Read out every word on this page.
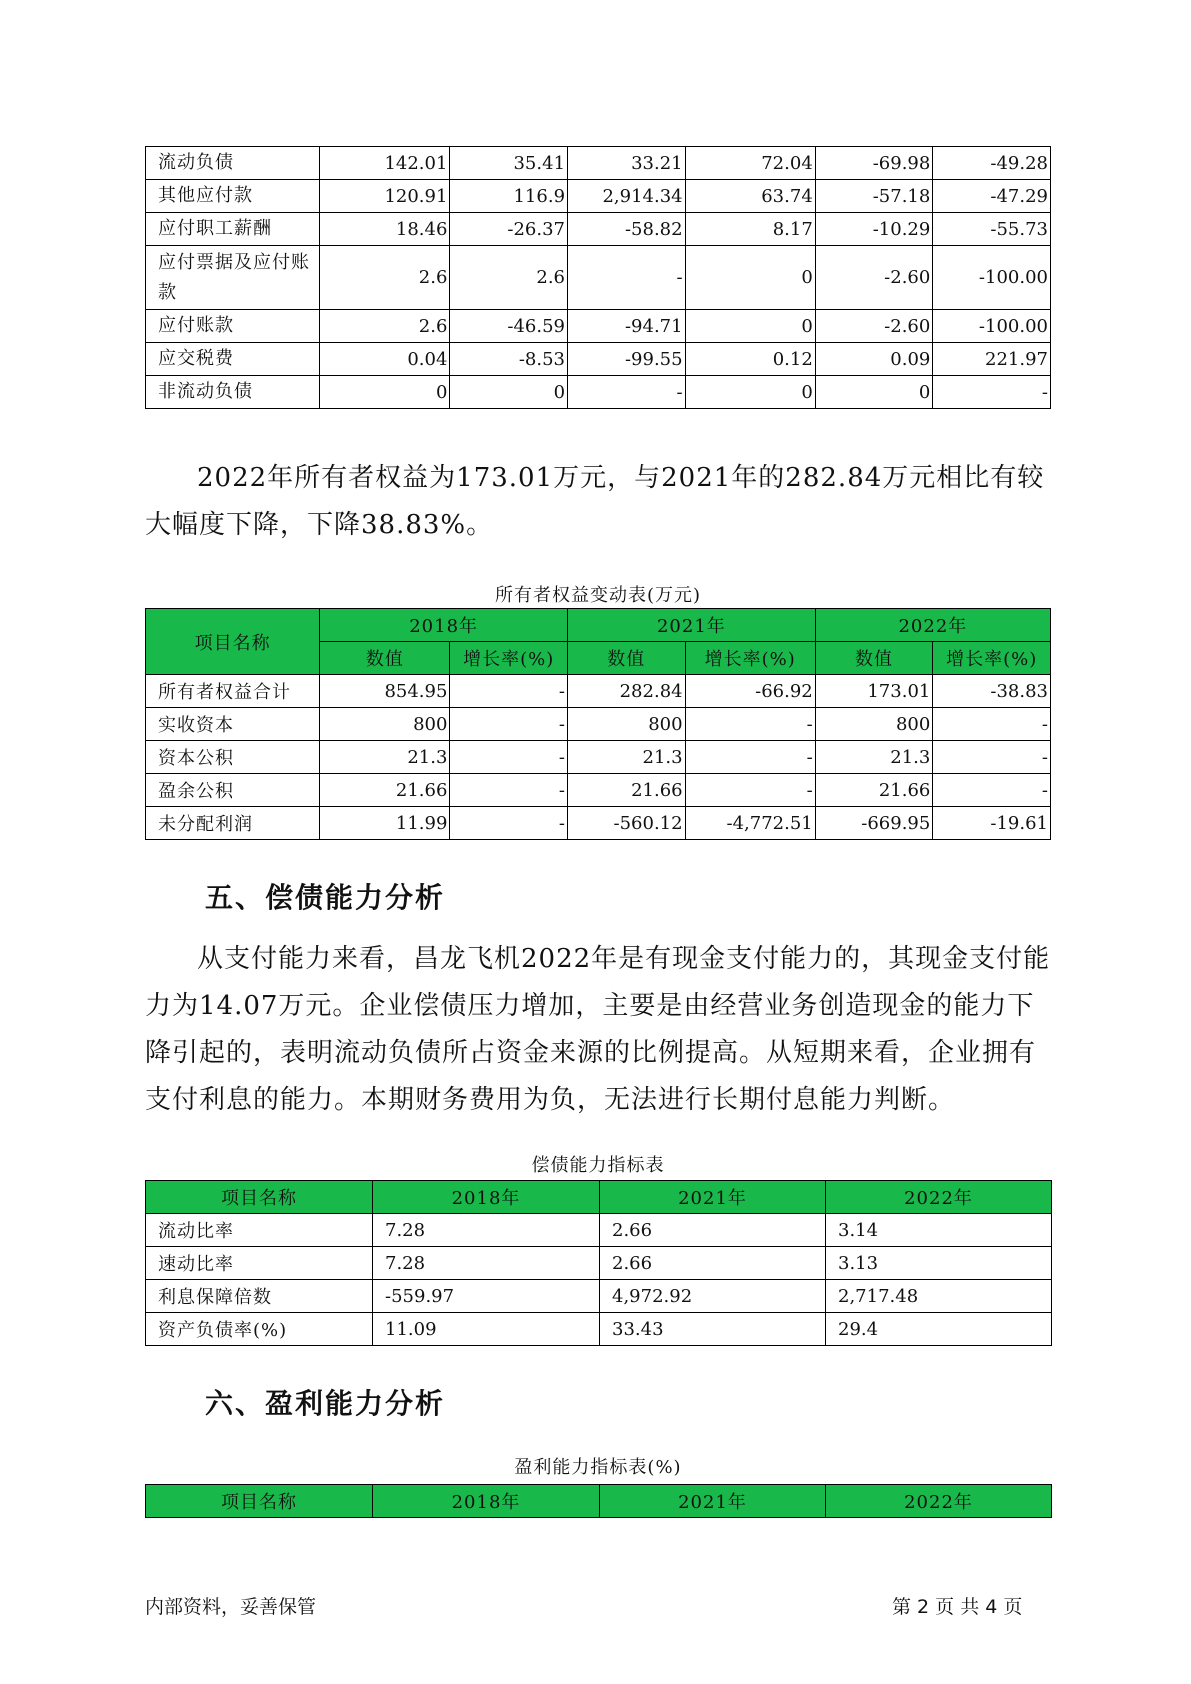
流动负债	142.01	35.41	33.21	72.04	-69.98	-49.28
其他应付款	120.91	116.9	2,914.34	63.74	-57.18	-47.29
应付职工薪酬	18.46	-26.37	-58.82	8.17	-10.29	-55.73
应付票据及应付账款	2.6	2.6	-	0	-2.60	-100.00
应付账款	2.6	-46.59	-94.71	0	-2.60	-100.00
应交税费	0.04	-8.53	-99.55	0.12	0.09	221.97
非流动负债	0	0	-	0	0	-

2022年所有者权益为173.01万元，与2021年的282.84万元相比有较大幅度下降，下降38.83%。

所有者权益变动表(万元)
项目名称	2018年		2021年		2022年	
	数值	增长率(%)	数值	增长率(%)	数值	增长率(%)
所有者权益合计	854.95	-	282.84	-66.92	173.01	-38.83
实收资本	800	-	800	-	800	-
资本公积	21.3	-	21.3	-	21.3	-
盈余公积	21.66	-	21.66	-	21.66	-
未分配利润	11.99	-	-560.12	-4,772.51	-669.95	-19.61
五、偿债能力分析

从支付能力来看，昌龙飞机2022年是有现金支付能力的，其现金支付能力为14.07万元。企业偿债压力增加，主要是由经营业务创造现金的能力下降引起的，表明流动负债所占资金来源的比例提高。从短期来看，企业拥有支付利息的能力。本期财务费用为负，无法进行长期付息能力判断。

偿债能力指标表
项目名称	2018年	2021年	2022年
流动比率	7.28	2.66	3.14
速动比率	7.28	2.66	3.13
利息保障倍数	-559.97	4,972.92	2,717.48
资产负债率(%)	11.09	33.43	29.4
六、盈利能力分析
盈利能力指标表(%)
项目名称	2018年	2021年	2022年
内部资料，妥善保管	第 2 页 共 4 页
